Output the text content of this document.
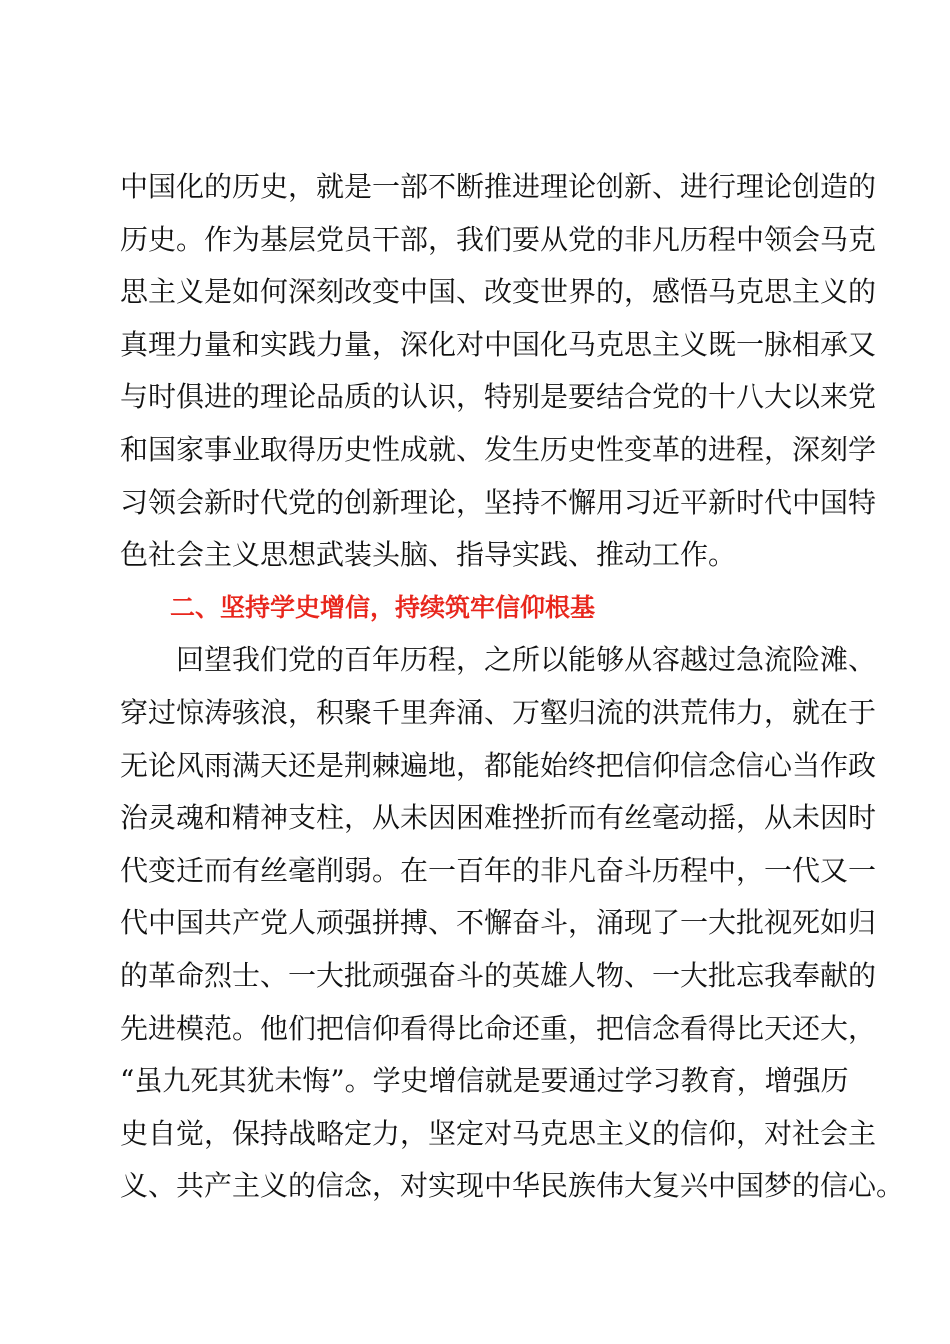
中国化的历史，就是一部不断推进理论创新、进行理论创造的
历史。作为基层党员干部，我们要从党的非凡历程中领会马克
思主义是如何深刻改变中国、改变世界的，感悟马克思主义的
真理力量和实践力量，深化对中国化马克思主义既一脉相承又
与时俱进的理论品质的认识，特别是要结合党的十八大以来党
和国家事业取得历史性成就、发生历史性变革的进程，深刻学
习领会新时代党的创新理论，坚持不懈用习近平新时代中国特
色社会主义思想武装头脑、指导实践、推动工作。
二、坚持学史增信，持续筑牢信仰根基
回望我们党的百年历程，之所以能够从容越过急流险滩、
穿过惊涛骇浪，积聚千里奔涌、万壑归流的洪荒伟力，就在于
无论风雨满天还是荆棘遍地，都能始终把信仰信念信心当作政
治灵魂和精神支柱，从未因困难挫折而有丝毫动摇，从未因时
代变迁而有丝毫削弱。在一百年的非凡奋斗历程中，一代又一
代中国共产党人顽强拼搏、不懈奋斗，涌现了一大批视死如归
的革命烈士、一大批顽强奋斗的英雄人物、一大批忘我奉献的
先进模范。他们把信仰看得比命还重，把信念看得比天还大，
“虽九死其犹未悔”。学史增信就是要通过学习教育，增强历
史自觉，保持战略定力，坚定对马克思主义的信仰，对社会主
义、共产主义的信念，对实现中华民族伟大复兴中国梦的信心。
